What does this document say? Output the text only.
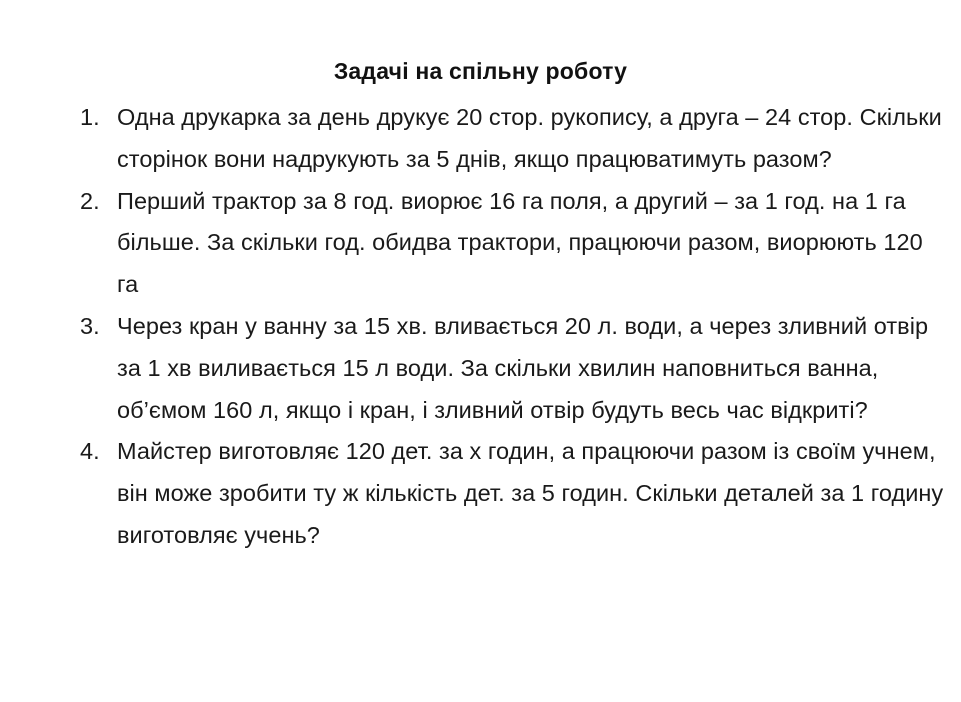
Задачі на спільну роботу
1. Одна друкарка за день друкує 20 стор. рукопису, а друга – 24 стор. Скільки сторінок вони надрукують за 5 днів, якщо працюватимуть разом?
2. Перший трактор за 8 год. виорює 16 га поля, а другий – за 1 год. на 1 га більше. За скільки год. обидва трактори, працюючи разом, виорюють 120 га
3. Через кран у ванну за 15 хв. вливається 20 л. води, а через зливний отвір за 1 хв виливається 15 л води. За скільки хвилин наповниться ванна, об’ємом 160 л, якщо і кран, і зливний отвір будуть весь час відкриті?
4. Майстер виготовляє 120 дет. за х годин, а працюючи разом із своїм учнем, він може зробити ту ж кількість дет. за 5 годин. Скільки деталей за 1 годину виготовляє учень?
